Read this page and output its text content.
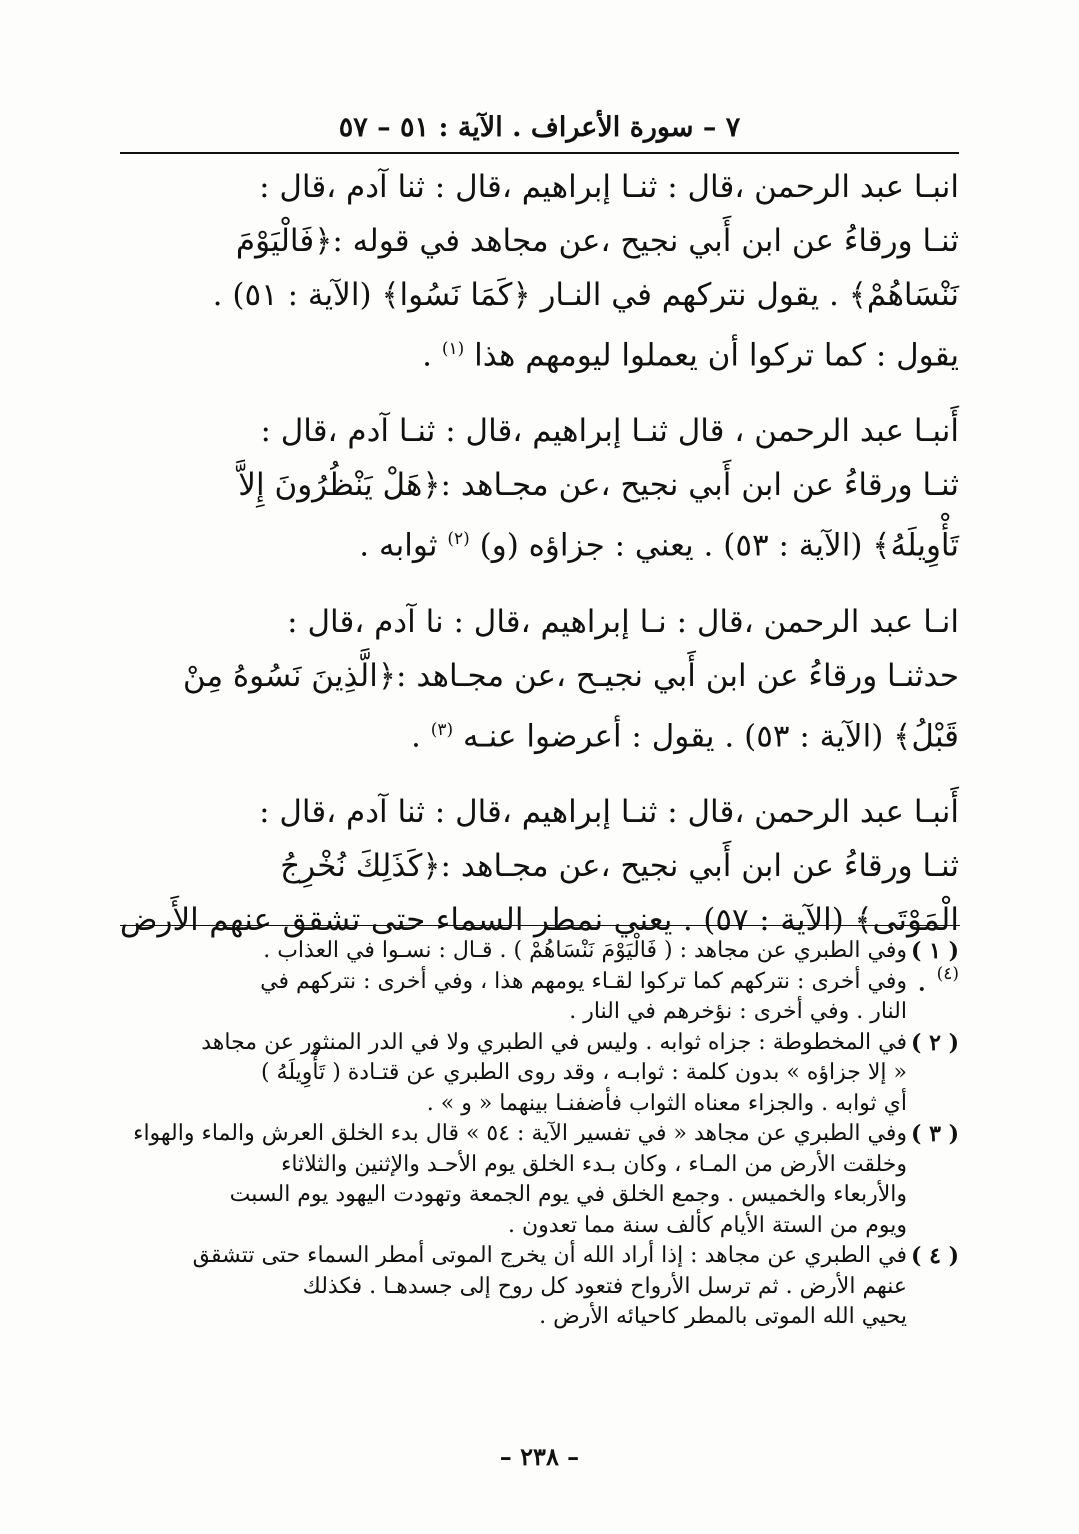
٧ – سورة الأعراف . الآية : ٥١ – ٥٧

انبـا عبد الرحمن ،قال : ثنـا إبراهيم ،قال : ثنا آدم ،قال :
ثنـا ورقاءُ عن ابن أَبي نجيح ،عن مجاهد في قوله :﴿فَالْيَوْمَ
نَنْسَاهُمْ﴾ . يقول نتركهم في النـار ﴿كَمَا نَسُوا﴾ (الآية : ٥١) .
يقول : كما تركوا أن يعملوا ليومهم هذا $^{(١)}$ .

أَنبـا عبد الرحمن ، قال ثنـا إبراهيم ،قال : ثنـا آدم ،قال :
ثنـا ورقاءُ عن ابن أَبي نجيح ،عن مجـاهد :﴿هَلْ يَنْظُرُونَ إِلاَّ
تَأْوِيلَهُ﴾ (الآية : ٥٣) . يعني : جزاؤه (و) $^{(٢)}$ ثوابه .

انـا عبد الرحمن ،قال : نـا إبراهيم ،قال : نا آدم ،قال :
حدثنـا ورقاءُ عن ابن أَبي نجيـح ،عن مجـاهد :﴿الَّذِينَ نَسُوهُ مِنْ
قَبْلُ﴾ (الآية : ٥٣) . يقول : أعرضوا عنـه $^{(٣)}$ .

أَنبـا عبد الرحمن ،قال : ثنـا إبراهيم ،قال : ثنا آدم ،قال :
ثنـا ورقاءُ عن ابن أَبي نجيح ،عن مجـاهد :﴿كَذَلِكَ نُخْرِجُ
الْمَوْتَى﴾ (الآية : ٥٧) . يعني نمطر السماء حتى تشقق عنهم الأَرض $^{(٤)}$ .

( ١ )
وفي الطبري عن مجاهد : ( فَالْيَوْمَ نَنْسَاهُمْ ) . قـال : نسـوا في العذاب .
وفي أخرى : نتركهم كما تركوا لقـاء يومهم هذا ، وفي أخرى : نتركهم في
النار . وفي أخرى : نؤخرهم في النار .
( ٢ )
في المخطوطة : جزاه ثوابه . وليس في الطبري ولا في الدر المنثور عن مجاهد
« إلا جزاؤه » بدون كلمة : ثوابـه ، وقد روى الطبري عن قتـادة ( تَأْوِيلَهُ )
أي ثوابه . والجزاء معناه الثواب فأضفنـا بينهما « و » .
( ٣ )
وفي الطبري عن مجاهد « في تفسير الآية : ٥٤ » قال بدء الخلق العرش والماء والهواء
وخلقت الأرض من المـاء ، وكان بـدء الخلق يوم الأحـد والإثنين والثلاثاء
والأربعاء والخميس . وجمع الخلق في يوم الجمعة وتهودت اليهود يوم السبت
ويوم من الستة الأيام كألف سنة مما تعدون .
( ٤ )
في الطبري عن مجاهد : إذا أراد الله أن يخرج الموتى أمطر السماء حتى تتشقق
عنهم الأرض . ثم ترسل الأرواح فتعود كل روح إلى جسدهـا . فكذلك
يحيي الله الموتى بالمطر كاحيائه الأرض .
– ٢٣٨ –
